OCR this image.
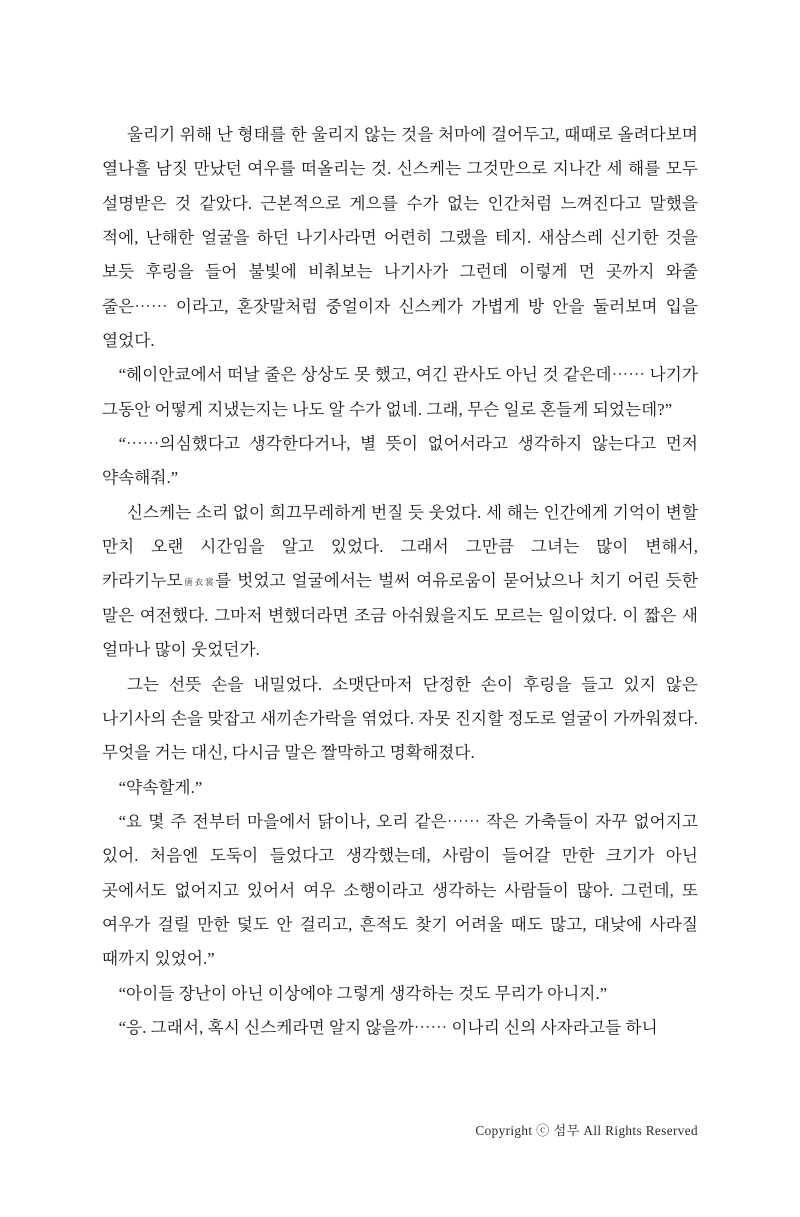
울리기 위해 난 형태를 한 울리지 않는 것을 처마에 걸어두고, 때때로 올려다보며 열나흘 남짓 만났던 여우를 떠올리는 것. 신스케는 그것만으로 지나간 세 해를 모두 설명받은 것 같았다. 근본적으로 게으를 수가 없는 인간처럼 느껴진다고 말했을 적에, 난해한 얼굴을 하던 나기사라면 어련히 그랬을 테지. 새삼스레 신기한 것을 보듯 후링을 들어 불빛에 비춰보는 나기사가 그런데 이렇게 먼 곳까지 와줄 줄은⋯⋯ 이라고, 혼잣말처럼 중얼이자 신스케가 가볍게 방 안을 둘러보며 입을 열었다.

“헤이안쿄에서 떠날 줄은 상상도 못 했고, 여긴 관사도 아닌 것 같은데⋯⋯ 나기가 그동안 어떻게 지냈는지는 나도 알 수가 없네. 그래, 무슨 일로 혼들게 되었는데?”

“⋯⋯의심했다고 생각한다거나, 별 뜻이 없어서라고 생각하지 않는다고 먼저 약속해줘.”

신스케는 소리 없이 희끄무레하게 번질 듯 웃었다. 세 해는 인간에게 기억이 변할 만치 오랜 시간임을 알고 있었다. 그래서 그만큼 그녀는 많이 변해서, 카라기누모唐衣裳를 벗었고 얼굴에서는 벌써 여유로움이 묻어났으나 치기 어린 듯한 말은 여전했다. 그마저 변했더라면 조금 아쉬웠을지도 모르는 일이었다. 이 짧은 새 얼마나 많이 웃었던가.

그는 선뜻 손을 내밀었다. 소맷단마저 단정한 손이 후링을 들고 있지 않은 나기사의 손을 맞잡고 새끼손가락을 엮었다. 자못 진지할 정도로 얼굴이 가까워졌다. 무엇을 거는 대신, 다시금 말은 짤막하고 명확해졌다.

“약속할게.”

“요 몇 주 전부터 마을에서 닭이나, 오리 같은⋯⋯ 작은 가축들이 자꾸 없어지고 있어. 처음엔 도둑이 들었다고 생각했는데, 사람이 들어갈 만한 크기가 아닌 곳에서도 없어지고 있어서 여우 소행이라고 생각하는 사람들이 많아. 그런데, 또 여우가 걸릴 만한 덫도 안 걸리고, 흔적도 찾기 어려울 때도 많고, 대낮에 사라질 때까지 있었어.”

“아이들 장난이 아닌 이상에야 그렇게 생각하는 것도 무리가 아니지.”

“응. 그래서, 혹시 신스케라면 알지 않을까⋯⋯ 이나리 신의 사자라고들 하니

Copyright ⓒ 섬무 All Rights Reserved
